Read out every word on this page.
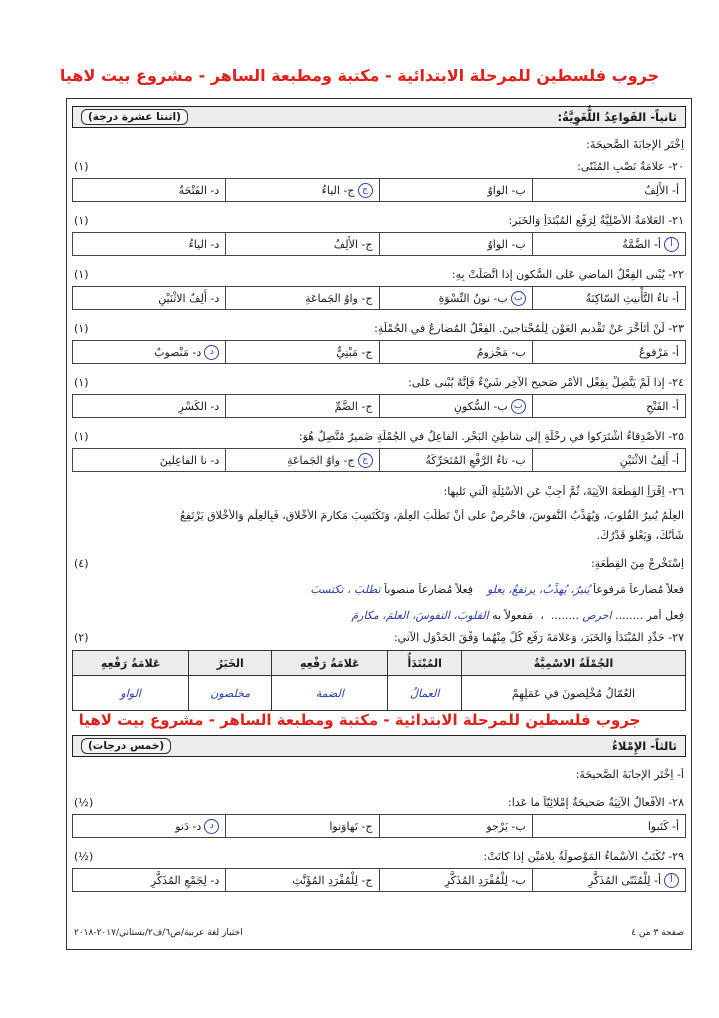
جروب فلسطين للمرحلة الابتدائية - مكتبة ومطبعة الساهر - مشروع بيت لاهيا
ثانياً- القَواعِدُ اللُّغَوِيَّةُ:
(اثنتا عشرة درجة)
اِخْتَرِ الإِجابَةَ الصَّحيحَةَ:
٢٠- علامَةُ نَصْبِ المُثَنّى:
(١)
أ- الأَلِفُ
ب- الواوُ
ج
ج- الياءُ
د- الفَتْحَةُ
٢١- العَلامَةُ الأَصْلِيَّةُ لِرَفْعِ المُبْتَدَأِ وَالخَبَرِ:
(١)
أ
أ- الضَّمَّةُ
ب- الواوُ
ج- الأَلِفُ
د- الياءُ
٢٢- يُبْنى الفِعْلُ الماضي عَلى السُّكونِ إذا اتَّصَلَتْ بِهِ:
(١)
أ- تاءُ التَّأْنيثِ السّاكِنَةُ
ب
ب- نونُ النِّسْوَةِ
ج- واوُ الجَماعَةِ
د- أَلِفُ الاثْنَيْنِ
٢٣- لَنْ أَتَأَخَّرَ عَنْ تَقْديمِ العَوْنِ لِلْمُحْتاجينَ. الفِعْلُ المُضارِعُ في الجُمْلَةِ:
(١)
أ- مَرْفوعٌ
ب- مَجْزومٌ
ج- مَبْنِيٌّ
د
د- مَنْصوبٌ
٢٤- إذا لَمْ يَتَّصِلْ بِفِعْلِ الأَمْرِ صَحيحِ الآخِرِ شَيْءٌ فَإِنَّهُ يُبْنى عَلى:
(١)
أ- الفَتْحِ
ب
ب- السُّكونِ
ج- الضَّمِّ
د- الكَسْرِ
٢٥- الأَصْدِقاءُ اشْتَرَكوا في رِحْلَةٍ إلى شاطِئِ البَحْرِ. الفاعِلُ في الجُمْلَةِ ضَميرٌ مُتَّصِلٌ هُوَ:
(١)
أ- أَلِفُ الاثْنَيْنِ
ب- تاءُ الرَّفْعِ المُتَحَرِّكَةُ
ج
ج- واوُ الجَماعَةِ
د- نا الفاعِلينَ
٢٦- اِقْرَأِ القِطْعَةَ الآتِيَةَ، ثُمَّ أَجِبْ عَنِ الأَسْئِلَةِ الَّتي تَليها:
العِلْمُ يُنيرُ القُلوبَ، وَيُهَذِّبُ النُّفوسَ، فاحْرِصْ على أَنْ تَطْلُبَ العِلْمَ، وَتَكْتَسِبَ مَكارِمَ الأَخْلاقِ، فَبِالعِلْمِ وَالأَخْلاقِ يَرْتَفِعُ
شَأْنُكَ، وَيَعْلو قَدْرُكَ.
اِسْتَخْرِجْ مِنَ القِطْعَةِ:
(٤)
فعلاً مُضارعاً مَرفوعاً يُنيرُ، يُهذِّبُ، يرتفعُ، يعلو    فِعلاً مُضارعاً منصوباً تطلبَ ، تكتسبَ
فِعل أَمر ........ احرِص ........  ،  مَفعولاً به القلوبَ، النفوسَ، العلمَ، مكارمَ
٢٧- حَدِّدِ المُبْتَدَأَ وَالخَبَرَ، وَعَلامَةَ رَفْعِ كُلٍّ مِنْهُما وَفْقَ الجَدْوَلِ الآتي:
(٢)
الجُمْلَةُ الاسْمِيَّةُ	المُبْتَدَأُ	عَلامَةُ رَفْعِهِ	الخَبَرُ	عَلامَةُ رَفْعِهِ
العُمّالُ مُخْلِصونَ في عَمَلِهِمْ	العمالُ	الضمة	مخلصون	الواو
جروب فلسطين للمرحلة الابتدائية - مكتبة ومطبعة الساهر - مشروع بيت لاهيا
ثالثاً- الإِمْلاءُ
(خمس درجات)
أ- اِخْتَرِ الإِجابَةَ الصَّحيحَةَ:
٢٨- الأَفْعالُ الآتِيَةُ صَحيحَةٌ إِمْلائِيّاً ما عَدا:
(½)
أ- كَتَبوا
ب- يَرْجو
ج- تَهاوَنوا
د
د- دَنو
٢٩- تُكْتَبُ الأَسْماءُ المَوْصولَةُ بِلامَيْنِ إذا كانَتْ:
(½)
أ
أ- لِلْمُثَنّى المُذَكَّرِ
ب- لِلْمُفْرَدِ المُذَكَّرِ
ج- لِلْمُفْرَدِ المُؤَنَّثِ
د- لِجَمْعِ المُذَكَّرِ
صفحة ٣ من ٤
اختبار لغة عربية/ص٦/ف٢/بستاني/٢٠١٧-٢٠١٨
